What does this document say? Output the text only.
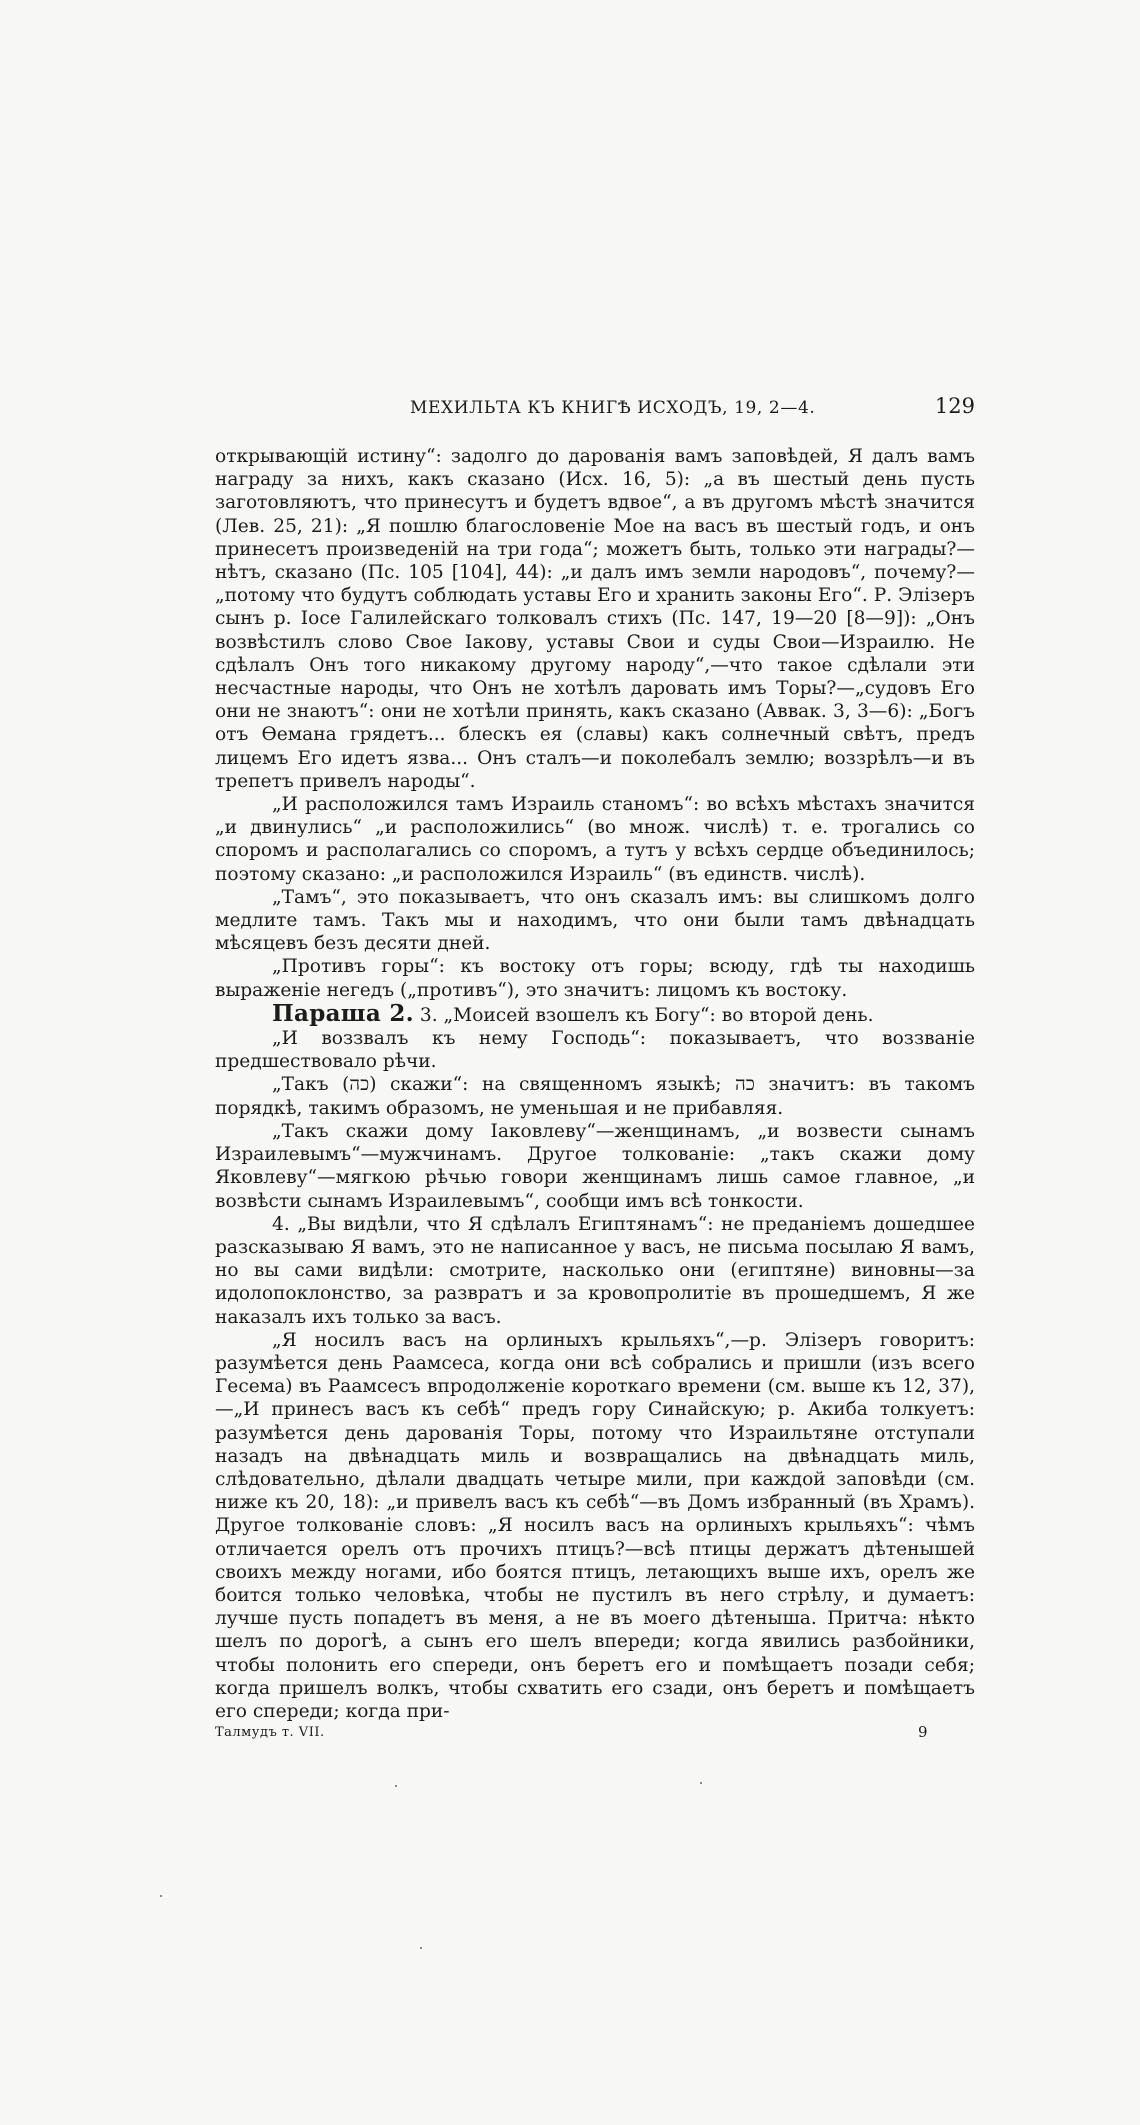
МЕХИЛЬТА КЪ КНИГѢ ИСХОДЪ, 19, 2—4.	129

открывающій истину“: задолго до дарованія вамъ заповѣдей, Я далъ вамъ награду за нихъ, какъ сказано (Исх. 16, 5): „а въ шестый день пусть заготовляютъ, что принесутъ и будетъ вдвое“, а въ другомъ мѣстѣ значится (Лев. 25, 21): „Я пошлю благословеніе Мое на васъ въ шестый годъ, и онъ принесетъ произведеній на три года“; можетъ быть, только эти награды?—нѣтъ, сказано (Пс. 105 [104], 44): „и далъ имъ земли народовъ“, почему?—„потому что будутъ соблюдать уставы Его и хранить законы Его“. Р. Элізеръ сынъ р. Іосе Галилейскаго толковалъ стихъ (Пс. 147, 19—20 [8—9]): „Онъ возвѣстилъ слово Свое Іакову, уставы Свои и суды Свои—Израилю. Не сдѣлалъ Онъ того никакому другому народу“,—что такое сдѣлали эти несчастные народы, что Онъ не хотѣлъ даровать имъ Торы?—„судовъ Его они не знаютъ“: они не хотѣли принять, какъ сказано (Аввак. 3, 3—6): „Богъ отъ Ѳемана грядетъ... блескъ ея (славы) какъ солнечный свѣтъ, предъ лицемъ Его идетъ язва... Онъ сталъ—и поколебалъ землю; воззрѣлъ—и въ трепетъ привелъ народы“.

„И расположился тамъ Израиль станомъ“: во всѣхъ мѣстахъ значится „и двинулись“ „и расположились“ (во множ. числѣ) т. е. трогались со споромъ и располагались со споромъ, а тутъ у всѣхъ сердце объединилось; поэтому сказано: „и расположился Израиль“ (въ единств. числѣ).

„Тамъ“, это показываетъ, что онъ сказалъ имъ: вы слишкомъ долго медлите тамъ. Такъ мы и находимъ, что они были тамъ двѣнадцать мѣсяцевъ безъ десяти дней.

„Противъ горы“: къ востоку отъ горы; всюду, гдѣ ты находишь выраженіе негедъ („противъ“), это значитъ: лицомъ къ востоку.

Параша 2. 3. „Моисей взошелъ къ Богу“: во второй день.

„И воззвалъ къ нему Господь“: показываетъ, что воззваніе предшествовало рѣчи.

„Такъ (כה) скажи“: на священномъ языкѣ; כה значитъ: въ такомъ порядкѣ, такимъ образомъ, не уменьшая и не прибавляя.

„Такъ скажи дому Іаковлеву“—женщинамъ, „и возвести сынамъ Израилевымъ“—мужчинамъ. Другое толкованіе: „такъ скажи дому Яковлеву“—мягкою рѣчью говори женщинамъ лишь самое главное, „и возвѣсти сынамъ Израилевымъ“, сообщи имъ всѣ тонкости.

4. „Вы видѣли, что Я сдѣлалъ Египтянамъ“: не преданіемъ дошедшее разсказываю Я вамъ, это не написанное у васъ, не письма посылаю Я вамъ, но вы сами видѣли: смотрите, насколько они (египтяне) виновны—за идолопоклонство, за развратъ и за кровопролитіе въ прошедшемъ, Я же наказалъ ихъ только за васъ.

„Я носилъ васъ на орлиныхъ крыльяхъ“,—р. Элізеръ говоритъ: разумѣется день Раамсеса, когда они всѣ собрались и пришли (изъ всего Гесема) въ Раамсесъ впродолженіе короткаго времени (см. выше къ 12, 37),—„И принесъ васъ къ себѣ“ предъ гору Синайскую; р. Акиба толкуетъ: разумѣется день дарованія Торы, потому что Израильтяне отступали назадъ на двѣнадцать миль и возвращались на двѣнадцать миль, слѣдовательно, дѣлали двадцать четыре мили, при каждой заповѣди (см. ниже къ 20, 18): „и привелъ васъ къ себѣ“—въ Домъ избранный (въ Храмъ). Другое толкованіе словъ: „Я носилъ васъ на орлиныхъ крыльяхъ“: чѣмъ отличается орелъ отъ прочихъ птицъ?—всѣ птицы держатъ дѣтенышей своихъ между ногами, ибо боятся птицъ, летающихъ выше ихъ, орелъ же боится только человѣка, чтобы не пустилъ въ него стрѣлу, и думаетъ: лучше пусть попадетъ въ меня, а не въ моего дѣтеныша. Притча: нѣкто шелъ по дорогѣ, а сынъ его шелъ впереди; когда явились разбойники, чтобы полонить его спереди, онъ беретъ его и помѣщаетъ позади себя; когда пришелъ волкъ, чтобы схватить его сзади, онъ беретъ и помѣщаетъ его спереди; когда при-

Талмудъ т. VII.	9
